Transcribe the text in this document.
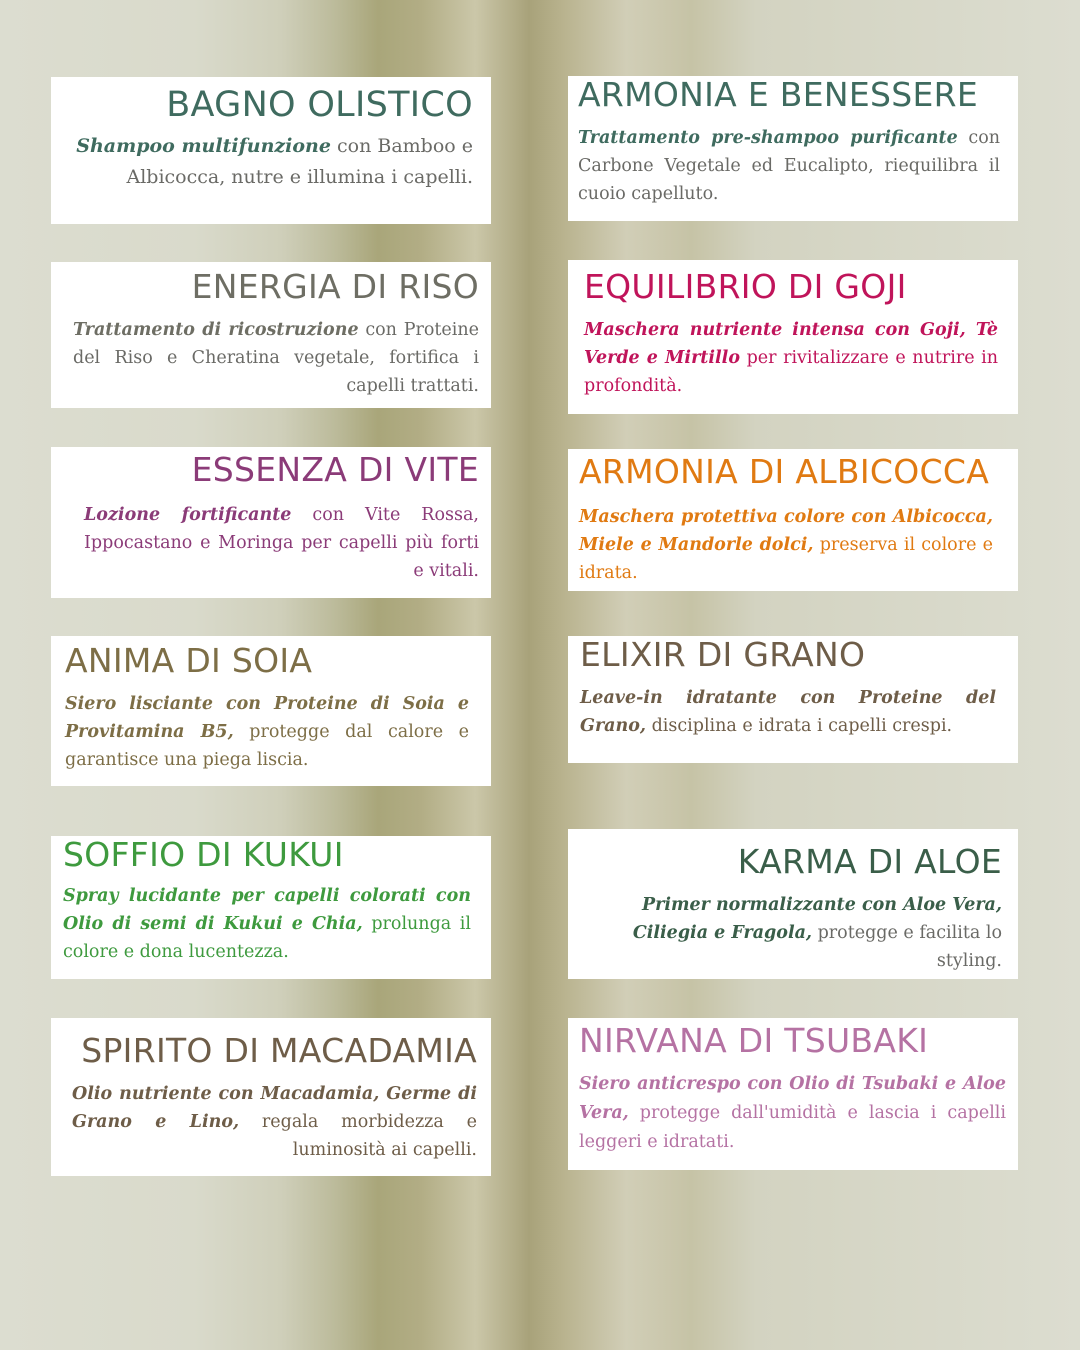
BAGNO OLISTICO

Shampoo multifunzione con Bamboo e Albicocca, nutre e illumina i capelli.

ENERGIA DI RISO

Trattamento di ricostruzione con Proteine del Riso e Cheratina vegetale, fortifica i capelli trattati.

ESSENZA DI VITE

Lozione fortificante con Vite Rossa, Ippocastano e Moringa per capelli più forti e vitali.

ANIMA DI SOIA

Siero lisciante con Proteine di Soia e Provitamina B5, protegge dal calore e garantisce una piega liscia.

SOFFIO DI KUKUI

Spray lucidante per capelli colorati con Olio di semi di Kukui e Chia, prolunga il colore e dona lucentezza.

SPIRITO DI MACADAMIA

Olio nutriente con Macadamia, Germe di Grano e Lino, regala morbidezza e luminosità ai capelli.

ARMONIA E BENESSERE

Trattamento pre-shampoo purificante con Carbone Vegetale ed Eucalipto, riequilibra il cuoio capelluto.

EQUILIBRIO DI GOJI

Maschera nutriente intensa con Goji, Tè Verde e Mirtillo per rivitalizzare e nutrire in profondità.

ARMONIA DI ALBICOCCA

Maschera protettiva colore con Albicocca, Miele e Mandorle dolci, preserva il colore e idrata.

ELIXIR DI GRANO

Leave-in idratante con Proteine del Grano, disciplina e idrata i capelli crespi.

KARMA DI ALOE

Primer normalizzante con Aloe Vera, Ciliegia e Fragola, protegge e facilita lo styling.

NIRVANA DI TSUBAKI

Siero anticrespo con Olio di Tsubaki e Aloe Vera, protegge dall'umidità e lascia i capelli leggeri e idratati.
